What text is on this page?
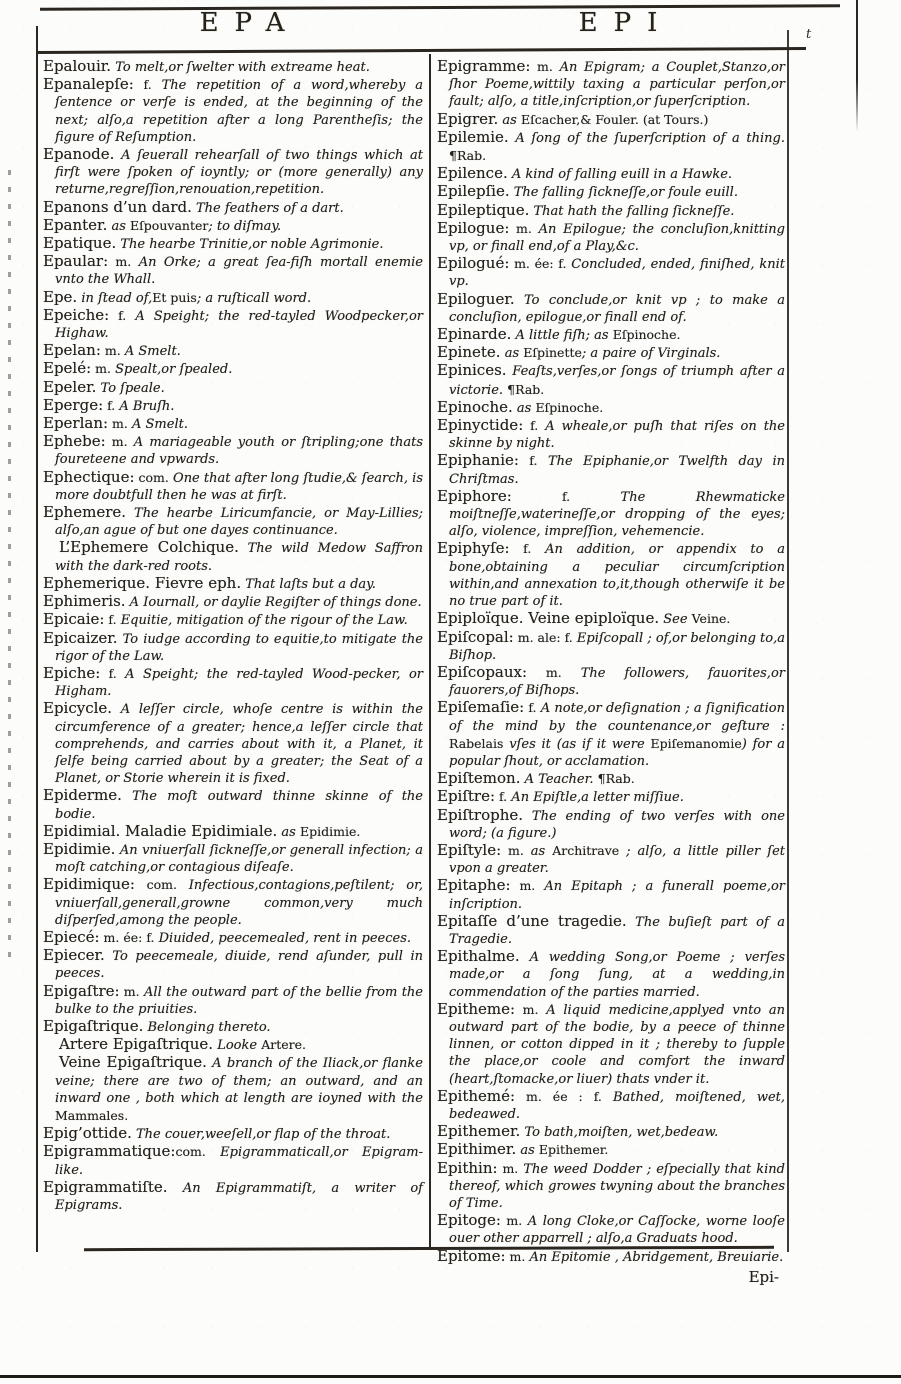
EPA	EPI	t
Epalouir. To melt,or ſwelter with extreame heat.
Epanalepſe: f. The repetition of a word,whereby a ſentence or verſe is ended, at the beginning of the next; alſo,a repetition after a long Parentheſis; the figure of Reſumption.
Epanode. A ſeuerall rehearſall of two things which at firſt were ſpoken of ioyntly; or (more generally) any returne,regreſſion,renouation,repetition.
Epanons d’un dard. The feathers of a dart.
Epanter. as Eſpouvanter; to diſmay.
Epatique. The hearbe Trinitie,or noble Agrimonie.
Epaular: m. An Orke; a great ſea-fiſh mortall enemie vnto the Whall.
Epe. in ſtead of,Et puis; a ruſticall word.
Epeiche: f. A Speight; the red-tayled Woodpecker,or Highaw.
Epelan: m. A Smelt.
Epelé: m. Spealt,or ſpealed.
Epeler. To ſpeale.
Eperge: f. A Bruſh.
Eperlan: m. A Smelt.
Ephebe: m. A mariageable youth or ſtripling;one thats foureteene and vpwards.
Ephectique: com. One that after long ſtudie,& ſearch, is more doubtfull then he was at firſt.
Ephemere. The hearbe Liricumfancie, or May-Lillies; alſo,an ague of but one dayes continuance.
L’Ephemere Colchique. The wild Medow Saffron with the dark-red roots.
Ephemerique. Fievre eph. That laſts but a day.
Ephimeris. A Iournall, or daylie Regiſter of things done.
Epicaie: f. Equitie, mitigation of the rigour of the Law.
Epicaizer. To iudge according to equitie,to mitigate the rigor of the Law.
Epiche: f. A Speight; the red-tayled Wood-pecker, or Higham.
Epicycle. A leſſer circle, whoſe centre is within the circumference of a greater; hence,a leſſer circle that comprehends, and carries about with it, a Planet, it ſelfe being carried about by a greater; the Seat of a Planet, or Storie wherein it is fixed.
Epiderme. The moſt outward thinne skinne of the bodie.
Epidimial. Maladie Epidimiale. as Epidimie.
Epidimie. An vniuerſall ſickneſſe,or generall infection; a moſt catching,or contagious diſeaſe.
Epidimique: com. Infectious,contagions,peſtilent; or, vniuerſall,generall,growne common,very much diſperſed,among the people.
Epiecé: m. ée: f. Diuided, peecemealed, rent in peeces.
Epiecer. To peecemeale, diuide, rend aſunder, pull in peeces.
Epigaſtre: m. All the outward part of the bellie from the bulke to the priuities.
Epigaſtrique. Belonging thereto.
Artere Epigaſtrique. Looke Artere.
Veine Epigaſtrique. A branch of the Iliack,or flanke veine; there are two of them; an outward, and an inward one , both which at length are ioyned with the Mammales.
Epig’ottide. The couer,weeſell,or flap of the throat.
Epigrammatique:com. Epigrammaticall,or Epigram-like.
Epigrammatiſte. An Epigrammatiſt, a writer of Epigrams.
Epigramme: m. An Epigram; a Couplet,Stanzo,or ſhor Poeme,wittily taxing a particular perſon,or fault; alſo, a title,inſcription,or ſuperſcription.
Epigrer. as Eſcacher,& Fouler. (at Tours.)
Epilemie. A ſong of the ſuperſcription of a thing. ¶Rab.
Epilence. A kind of falling euill in a Hawke.
Epilepſie. The falling ſickneſſe,or foule euill.
Epileptique. That hath the falling ſickneſſe.
Epilogue: m. An Epilogue; the concluſion,knitting vp, or finall end,of a Play,&c.
Epilogué: m. ée: f. Concluded, ended, finiſhed, knit vp.
Epiloguer. To conclude,or knit vp ; to make a concluſion, epilogue,or finall end of.
Epinarde. A little fiſh; as Eſpinoche.
Epinete. as Eſpinette; a paire of Virginals.
Epinices. Feaſts,verſes,or ſongs of triumph after a victorie. ¶Rab.
Epinoche. as Eſpinoche.
Epinyctide: f. A wheale,or puſh that riſes on the skinne by night.
Epiphanie: f. The Epiphanie,or Twelfth day in Chriſtmas.
Epiphore: f. The Rhewmaticke moiſtneſſe,waterineſſe,or dropping of the eyes; alſo, violence, impreſſion, vehemencie.
Epiphyſe: f. An addition, or appendix to a bone,obtaining a peculiar circumſcription within,and annexation to,it,though otherwiſe it be no true part of it.
Epiploïque. Veine epiploïque. See Veine.
Epiſcopal: m. ale: f. Epiſcopall ; of,or belonging to,a Biſhop.
Epiſcopaux: m. The followers, fauorites,or fauorers,of Biſhops.
Epiſemaſie: f. A note,or deſignation ; a ſignification of the mind by the countenance,or geſture : Rabelais vſes it (as if it were Epiſemanomie) for a popular ſhout, or acclamation.
Epiſtemon. A Teacher. ¶Rab.
Epiſtre: f. An Epiſtle,a letter miſſiue.
Epiſtrophe. The ending of two verſes with one word; (a figure.)
Epiſtyle: m. as Architrave ; alſo, a little piller ſet vpon a greater.
Epitaphe: m. An Epitaph ; a funerall poeme,or inſcription.
Epitaſſe d’une tragedie. The buſieſt part of a Tragedie.
Epithalme. A wedding Song,or Poeme ; verſes made,or a ſong ſung, at a wedding,in commendation of the parties married.
Epitheme: m. A liquid medicine,applyed vnto an outward part of the bodie, by a peece of thinne linnen, or cotton dipped in it ; thereby to ſupple the place,or coole and comfort the inward (heart,ſtomacke,or liuer) thats vnder it.
Epithemé: m. ée : f. Bathed, moiſtened, wet, bedeawed.
Epithemer. To bath,moiſten, wet,bedeaw.
Epithimer. as Epithemer.
Epithin: m. The weed Dodder ; eſpecially that kind thereof, which growes twyning about the branches of Time.
Epitoge: m. A long Cloke,or Caſſocke, worne looſe ouer other apparrell ; alſo,a Graduats hood.
Epitome: m. An Epitomie , Abridgement, Breuiarie.
Epi-
